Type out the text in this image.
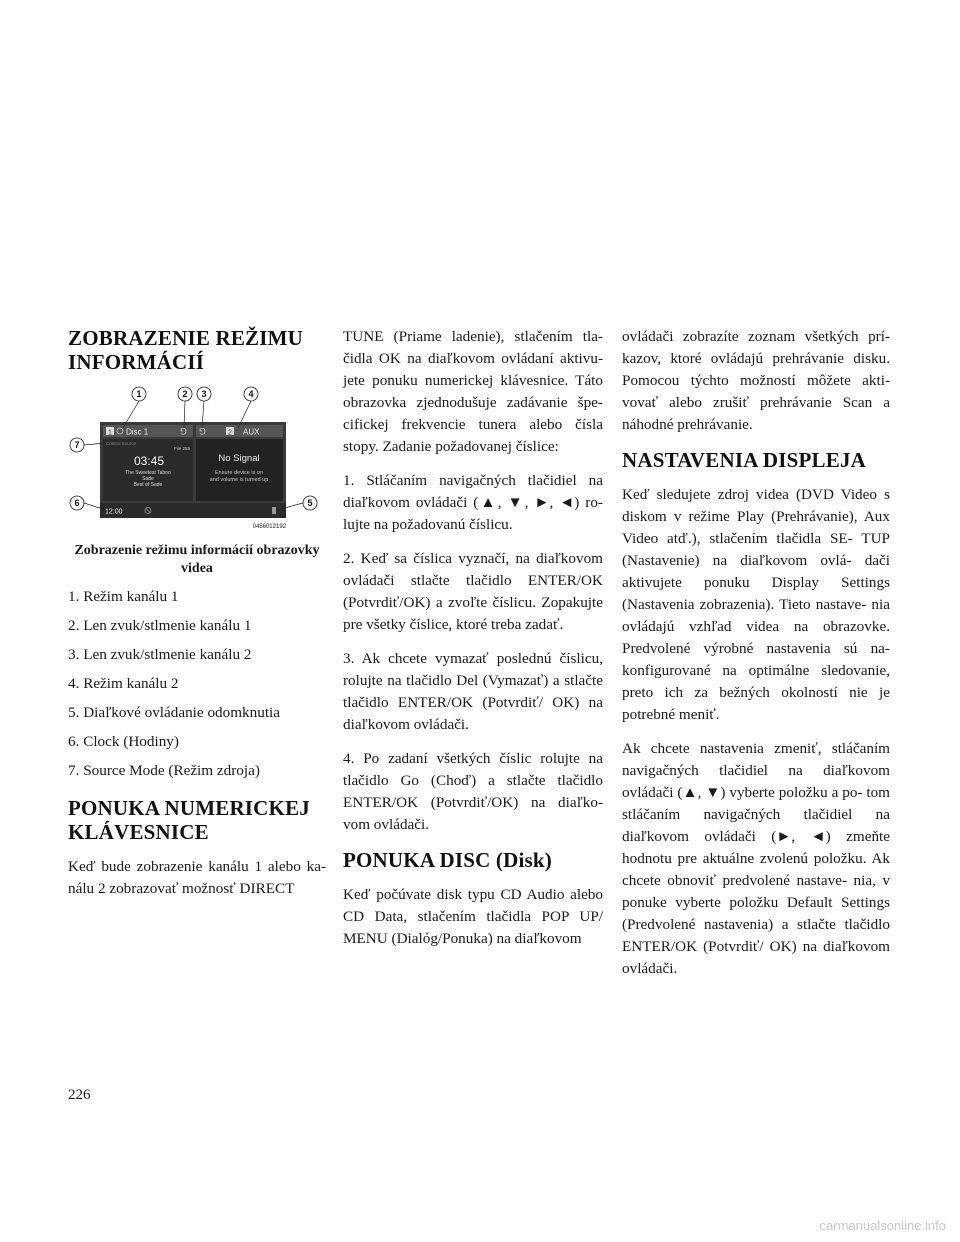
ZOBRAZENIE REŽIMU INFORMÁCIÍ
1 Disc 1	⅁ ⅁	2 AUX
Control Source
File 255
03:45
The Sweetest Taboo
Sade
Best of Sade
No Signal
Ensure device is on
and volume is turned up
12:00
1	2 3	4
5
6
7
0456012192
Zobrazenie režimu informácií obrazovky videa

1. Režim kanálu 1

2. Len zvuk/stlmenie kanálu 1

3. Len zvuk/stlmenie kanálu 2

4. Režim kanálu 2

5. Diaľkové ovládanie odomknutia

6. Clock (Hodiny)

7. Source Mode (Režim zdroja)

PONUKA NUMERICKEJ KLÁVESNICE

Keď bude zobrazenie kanálu 1 alebo ka- nálu 2 zobrazovať možnosť DIRECT

TUNE (Priame ladenie), stlačením tla- čidla OK na diaľkovom ovládaní aktivu- jete ponuku numerickej klávesnice. Táto obrazovka zjednodušuje zadávanie špe- cifickej frekvencie tunera alebo čísla stopy. Zadanie požadovanej číslice:

1. Stláčaním navigačných tlačidiel na diaľkovom ovládači (▲, ▼, ►, ◄) ro- lujte na požadovanú číslicu.

2. Keď sa číslica vyznačí, na diaľkovom ovládači stlačte tlačidlo ENTER/OK (Potvrdiť/OK) a zvoľte číslicu. Zopakujte pre všetky číslice, ktoré treba zadať.

3. Ak chcete vymazať poslednú číslicu, rolujte na tlačidlo Del (Vymazať) a stlačte tlačidlo ENTER/OK (Potvrdiť/ OK) na diaľkovom ovládači.

4. Po zadaní všetkých číslic rolujte na tlačidlo Go (Choď) a stlačte tlačidlo ENTER/OK (Potvrdiť/OK) na diaľko- vom ovládači.

PONUKA DISC (Disk)

Keď počúvate disk typu CD Audio alebo CD Data, stlačením tlačidla POP UP/ MENU (Dialóg/Ponuka) na diaľkovom

ovládači zobrazíte zoznam všetkých prí- kazov, ktoré ovládajú prehrávanie disku. Pomocou týchto možností môžete akti- vovať alebo zrušiť prehrávanie Scan a náhodné prehrávanie.

NASTAVENIA DISPLEJA

Keď sledujete zdroj videa (DVD Video s diskom v režime Play (Prehrávanie), Aux Video atď.), stlačením tlačidla SE- TUP (Nastavenie) na diaľkovom ovlá- dači aktivujete ponuku Display Settings (Nastavenia zobrazenia). Tieto nastave- nia ovládajú vzhľad videa na obrazovke. Predvolené výrobné nastavenia sú na- konfigurované na optimálne sledovanie, preto ich za bežných okolností nie je potrebné meniť.

Ak chcete nastavenia zmeniť, stláčaním navigačných tlačidiel na diaľkovom ovládači (▲, ▼) vyberte položku a po- tom stláčaním navigačných tlačidiel na diaľkovom ovládači (►, ◄) zmeňte hodnotu pre aktuálne zvolenú položku. Ak chcete obnoviť predvolené nastave- nia, v ponuke vyberte položku Default Settings (Predvolené nastavenia) a stlačte tlačidlo ENTER/OK (Potvrdiť/ OK) na diaľkovom ovládači.

226
carmanualsonline.info
